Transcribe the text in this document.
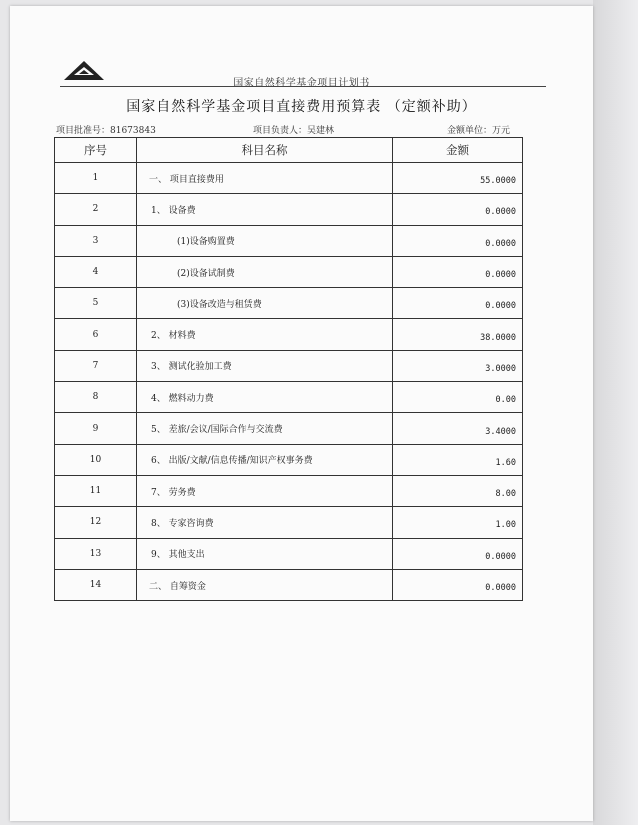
国家自然科学基金项目计划书
国家自然科学基金项目直接费用预算表 （定额补助）
项目批准号：81673843	项目负责人：吴建林	金额单位：万元
序号	科目名称	金额
1	一、 项目直接费用	55.0000
2	1、 设备费	0.0000
3	(1)设备购置费	0.0000
4	(2)设备试制费	0.0000
5	(3)设备改造与租赁费	0.0000
6	2、 材料费	38.0000
7	3、 测试化验加工费	3.0000
8	4、 燃料动力费	0.00
9	5、 差旅/会议/国际合作与交流费	3.4000
10	6、 出版/文献/信息传播/知识产权事务费	1.60
11	7、 劳务费	8.00
12	8、 专家咨询费	1.00
13	9、 其他支出	0.0000
14	二、 自筹资金	0.0000
